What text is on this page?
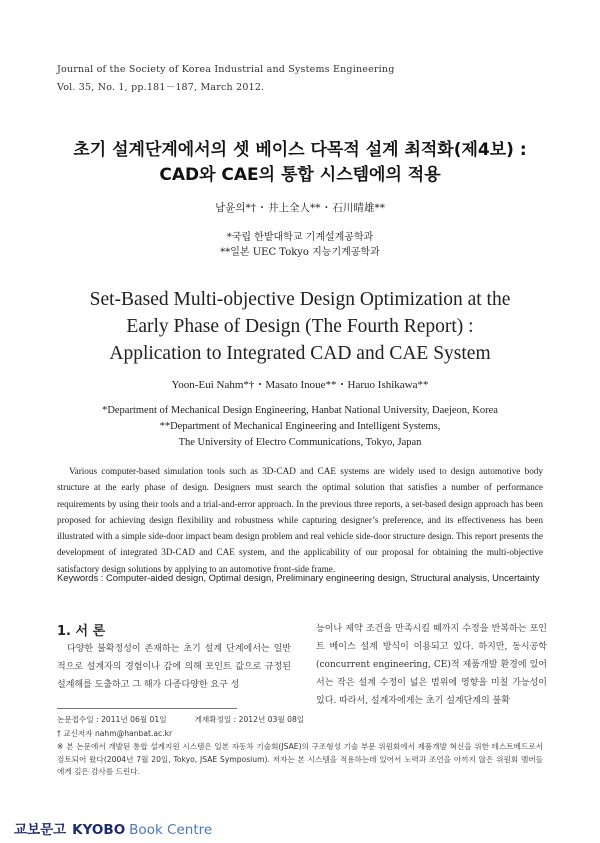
Journal of the Society of Korea Industrial and Systems Engineering
Vol. 35, No. 1, pp.181－187, March 2012.
초기 설계단계에서의 셋 베이스 다목적 설계 최적화(제4보) :
CAD와 CAE의 통합 시스템에의 적용
남윤의*† ･ 井上全人** ･ 石川晴雄**
*국립 한밭대학교 기계설계공학과
**일본 UEC Tokyo 지능기계공학과
Set-Based Multi-objective Design Optimization at the
Early Phase of Design (The Fourth Report) :
Application to Integrated CAD and CAE System
Yoon-Eui Nahm*† ･ Masato Inoue** ･ Haruo Ishikawa**
*Department of Mechanical Design Engineering, Hanbat National University, Daejeon, Korea
**Department of Mechanical Engineering and Intelligent Systems,
The University of Electro Communications, Tokyo, Japan
Various computer-based simulation tools such as 3D-CAD and CAE systems are widely used to design automotive body structure at the early phase of design. Designers must search the optimal solution that satisfies a number of performance requirements by using their tools and a trial-and-error approach. In the previous three reports, a set-based design approach has been proposed for achieving design flexibility and robustness while capturing designer’s preference, and its effectiveness has been illustrated with a simple side-door impact beam design problem and real vehicle side-door structure design. This report presents the development of integrated 3D-CAD and CAE system, and the applicability of our proposal for obtaining the multi-objective satisfactory design solutions by applying to an automotive front-side frame.
Keywords : Computer-aided design, Optimal design, Preliminary engineering design, Structural analysis, Uncertainty
1. 서 론
다양한 불확정성이 존재하는 초기 설계 단계에서는 일반적으로 설계자의 경험이나 감에 의해 포인트 값으로 규정된 설계해를 도출하고 그 해가 다종다양한 요구 성
능이나 제약 조건을 만족시킬 때까지 수정을 반복하는 포인트 베이스 설계 방식이 이용되고 있다. 하지만, 동시공학(concurrent engineering, CE)적 제품개발 환경에 있어서는 작은 설계 수정이 넓은 범위에 영향을 미칠 가능성이 있다. 따라서, 설계자에게는 초기 설계단계의 불확
논문접수일 : 2011년 06월 01일	게재확정일 : 2012년 03월 08일
† 교신저자 nahm@hanbat.ac.kr
※ 본 논문에서 개발된 통합 설계지원 시스템은 일본 자동차 기술회(JSAE)의 구조형성 기술 부문 위원회에서 제품개발 혁신을 위한 테스트베드로서 검토되어 왔다(2004년 7월 20일, Tokyo, JSAE Symposium). 저자는 본 시스템을 적용하는데 있어서 노력과 조언을 아끼지 않은 위원회 멤버들에게 깊은 감사를 드린다.
교보문고 KYOBO Book Centre
